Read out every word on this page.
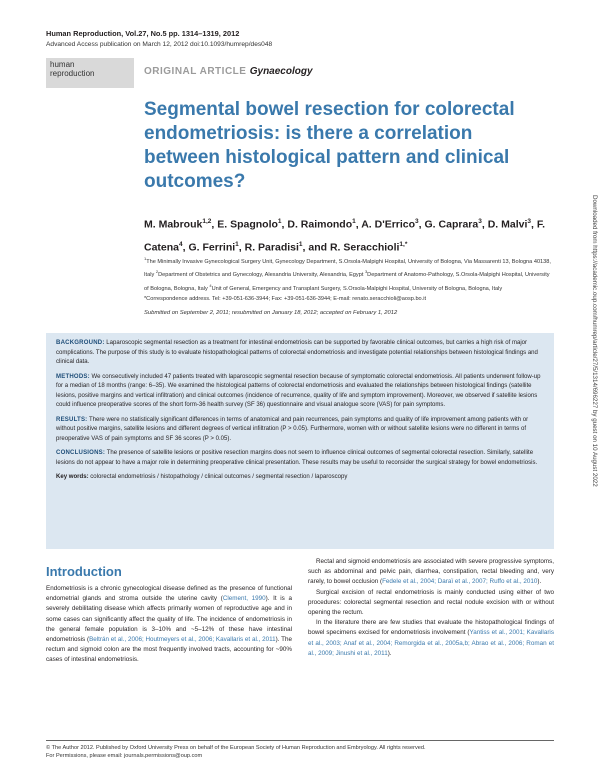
Human Reproduction, Vol.27, No.5 pp. 1314–1319, 2012
Advanced Access publication on March 12, 2012 doi:10.1093/humrep/des048
human
reproduction	ORIGINAL ARTICLE Gynaecology
Segmental bowel resection for colorectal endometriosis: is there a correlation between histological pattern and clinical outcomes?
M. Mabrouk$^{1,2}$, E. Spagnolo$^1$, D. Raimondo$^1$, A. D'Errico$^3$, G. Caprara$^3$, D. Malvi$^3$, F. Catena$^4$, G. Ferrini$^1$, R. Paradisi$^1$, and R. Seracchioli$^{1,*}$
$^1$The Minimally Invasive Gynecological Surgery Unit, Gynecology Department, S.Orsola-Malpighi Hospital, University of Bologna, Via Massarenti 13, Bologna 40138, Italy $^2$Department of Obstetrics and Gynecology, Alexandria University, Alexandria, Egypt $^3$Department of Anatomo-Pathology, S.Orsola-Malpighi Hospital, University of Bologna, Bologna, Italy $^4$Unit of General, Emergency and Transplant Surgery, S.Orsola-Malpighi Hospital, University of Bologna, Bologna, Italy
*Correspondence address. Tel: +39-051-636-3944; Fax: +39-051-636-3944; E-mail: renato.seracchioli@aosp.bo.it
Submitted on September 2, 2011; resubmitted on January 18, 2012; accepted on February 1, 2012

BACKGROUND: Laparoscopic segmental resection as a treatment for intestinal endometriosis can be supported by favorable clinical outcomes, but carries a high risk of major complications. The purpose of this study is to evaluate histopathological patterns of colorectal endometriosis and investigate potential relationships between histological findings and clinical data.

METHODS: We consecutively included 47 patients treated with laparoscopic segmental resection because of symptomatic colorectal endometriosis. All patients underwent follow-up for a median of 18 months (range: 6–35). We examined the histological patterns of colorectal endometriosis and evaluated the relationships between histological findings (satellite lesions, positive margins and vertical infiltration) and clinical outcomes (incidence of recurrence, quality of life and symptom improvement). Moreover, we observed if satellite lesions could influence preoperative scores of the short form-36 health survey (SF 36) questionnaire and visual analogue score (VAS) for pain symptoms.

RESULTS: There were no statistically significant differences in terms of anatomical and pain recurrences, pain symptoms and quality of life improvement among patients with or without positive margins, satellite lesions and different degrees of vertical infiltration (P > 0.05). Furthermore, women with or without satellite lesions were no different in terms of preoperative VAS of pain symptoms and SF 36 scores (P > 0.05).

CONCLUSIONS: The presence of satellite lesions or positive resection margins does not seem to influence clinical outcomes of segmental colorectal resection. Similarly, satellite lesions do not appear to have a major role in determining preoperative clinical presentation. These results may be useful to reconsider the surgical strategy for bowel endometriosis.

Key words: colorectal endometriosis / histopathology / clinical outcomes / segmental resection / laparoscopy

Introduction

Endometriosis is a chronic gynecological disease defined as the presence of functional endometrial glands and stroma outside the uterine cavity (Clement, 1990). It is a severely debilitating disease which affects primarily women of reproductive age and in some cases can significantly affect the quality of life. The incidence of endometriosis in the general female population is 3–10% and ~5–12% of these have intestinal endometriosis (Beltrán et al., 2006; Houtmeyers et al., 2006; Kavallaris et al., 2011). The rectum and sigmoid colon are the most frequently involved tracts, accounting for ~90% cases of intestinal endometriosis.

Rectal and sigmoid endometriosis are associated with severe progressive symptoms, such as abdominal and pelvic pain, diarrhea, constipation, rectal bleeding and, very rarely, to bowel occlusion (Fedele et al., 2004; Daraï et al., 2007; Ruffo et al., 2010).

Surgical excision of rectal endometriosis is mainly conducted using either of two procedures: colorectal segmental resection and rectal nodule excision with or without opening the rectum.

In the literature there are few studies that evaluate the histopathological findings of bowel specimens excised for endometriosis involvement (Yantiss et al., 2001; Kavallaris et al., 2003; Anaf et al., 2004; Remorgida et al., 2005a,b; Abrao et al., 2006; Roman et al., 2009; Jinushi et al., 2011).

© The Author 2012. Published by Oxford University Press on behalf of the European Society of Human Reproduction and Embryology. All rights reserved.
For Permissions, please email: journals.permissions@oup.com
Downloaded from https://academic.oup.com/humrep/article/27/5/1314/696227 by guest on 10 August 2022
